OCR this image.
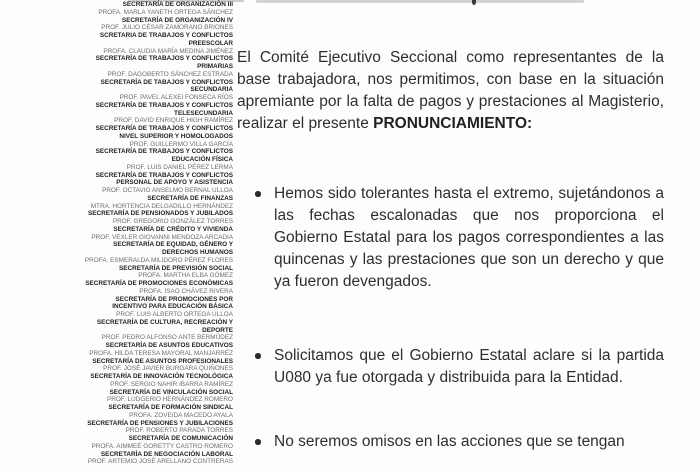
SECRETARÍA DE ORGANIZACIÓN III
PROFA. MARLA YANETH ORTEGA SÁNCHEZ
SECRETARÍA DE ORGANIZACIÓN IV
PROF. JULIO CÉSAR ZAMORANO BRIONES
SCRETARIA DE TRABAJOS Y CONFLICTOS PREESCOLAR
PROFA. CLAUDIA MARÍA MEDINA JIMÉNEZ
SECRETARÍA DE TRABAJOS Y CONFLICTOS PRIMARIAS
PROF. DAGOBERTO SÁNCHEZ ESTRADA
SECRETARÍA DE TABAJOS Y CONFLICTOS SECUNDARIA
PROF. PAVEL ALEXEI FONSECA RÍOS
SECRETARÍA DE TRABAJOS Y CONFLICTOS TELESECUNDARIA
PROF. DAVID ENRIQUE HIGH RAMÍREZ
SECRETARÍA DE TRABAJOS Y CONFLICTOS NIVEL SUPERIOR Y HOMOLOGADOS
PROF. GUILLERMO VILLA GARCÍA
SECRETARÍA DE TRABAJOS Y CONFLICTOS EDUCACIÓN FÍSICA
PROF. LUIS DANIEL PÉREZ LERMA
SECRETARÍA DE TRABAJOS Y CONFLICTOS PERSONAL DE APOYO Y ASISTENCIA
PROF. OCTAVIO ANSELMO BERNAL ULLOA
SECRETARÍA DE FINANZAS
MTRA. HORTENCIA DELGADILLO HERNÁNDEZ
SECRETARÍA DE PENSIONADOS Y JUBILADOS
PROF. GREGORIO GONZÁLEZ TORRES
SECRETARÍA DE CRÉDITO Y VIVIENDA
PROF. VEXLER GIOVANNI MENDOZA ARCADIA
SECRETARÍA DE EQUIDAD, GÉNERO Y DERECHOS HUMANOS
PROFA. ESMERALDA MILIDORO PÉREZ FLORES
SECRETARÍA DE PREVISIÓN SOCIAL
PROFA. MARTHA ELBA GÓMEZ
SECRETARÍA DE PROMOCIONES ECONÓMICAS
PROFA. ISAO CHÁVEZ RIVERA
SECRETARÍA DE PROMOCIONES POR INCENTIVO PARA EDUCACIÓN BÁSICA
PROF. LUIS ALBERTO ORTEGA ULLOA
SECRETARÍA DE CULTURA, RECREACIÓN Y DEPORTE
PROF. PEDRO ALFONSO ANTE BERMÚDEZ
SECRETARÍA DE ASUNTOS EDUCATIVOS
PROFA. HILDA TERESA MAYORAL MANJARRÉZ
SECRETARÍA DE ASUNTOS PROFESIONALES
PROF. JOSÉ JAVIER BURGARA QUIÑONES
SECRETARÍA DE INNOVACIÓN TECNOLÓGICA
PROF. SERGIO NAHIR IBARRA RAMÍREZ
SECRETARÍA DE VINCULACIÓN SOCIAL
PROF. LUDGERIO HERNÁNDEZ ROMERO
SECRETARÍA DE FORMACIÓN SINDICAL
PROFA. ZOVEIDA MACEDO AYALA
SECRETARÍA DE PENSIONES Y JUBILACIONES
PROF. ROBERTO PARADA TORRES
SECRETARÍA DE COMUNICACIÓN
PROFA. AIMMEÉ GORETTY CASTRO ROMERO
SECRETARÍA DE NEGOCIACIÓN LABORAL
PROF. ARTEMIO JOSÉ ARELLANO CONTRERAS

El Comité Ejecutivo Seccional como representantes de la base trabajadora, nos permitimos, con base en la situación apremiante por la falta de pagos y prestaciones al Magisterio, realizar el presente PRONUNCIAMIENTO:

Hemos sido tolerantes hasta el extremo, sujetándonos a las fechas escalonadas que nos proporciona el Gobierno Estatal para los pagos correspondientes a las quincenas y las prestaciones que son un derecho y que ya fueron devengados.
Solicitamos que el Gobierno Estatal aclare si la partida U080 ya fue otorgada y distribuida para la Entidad.
No seremos omisos en las acciones que se tengan
